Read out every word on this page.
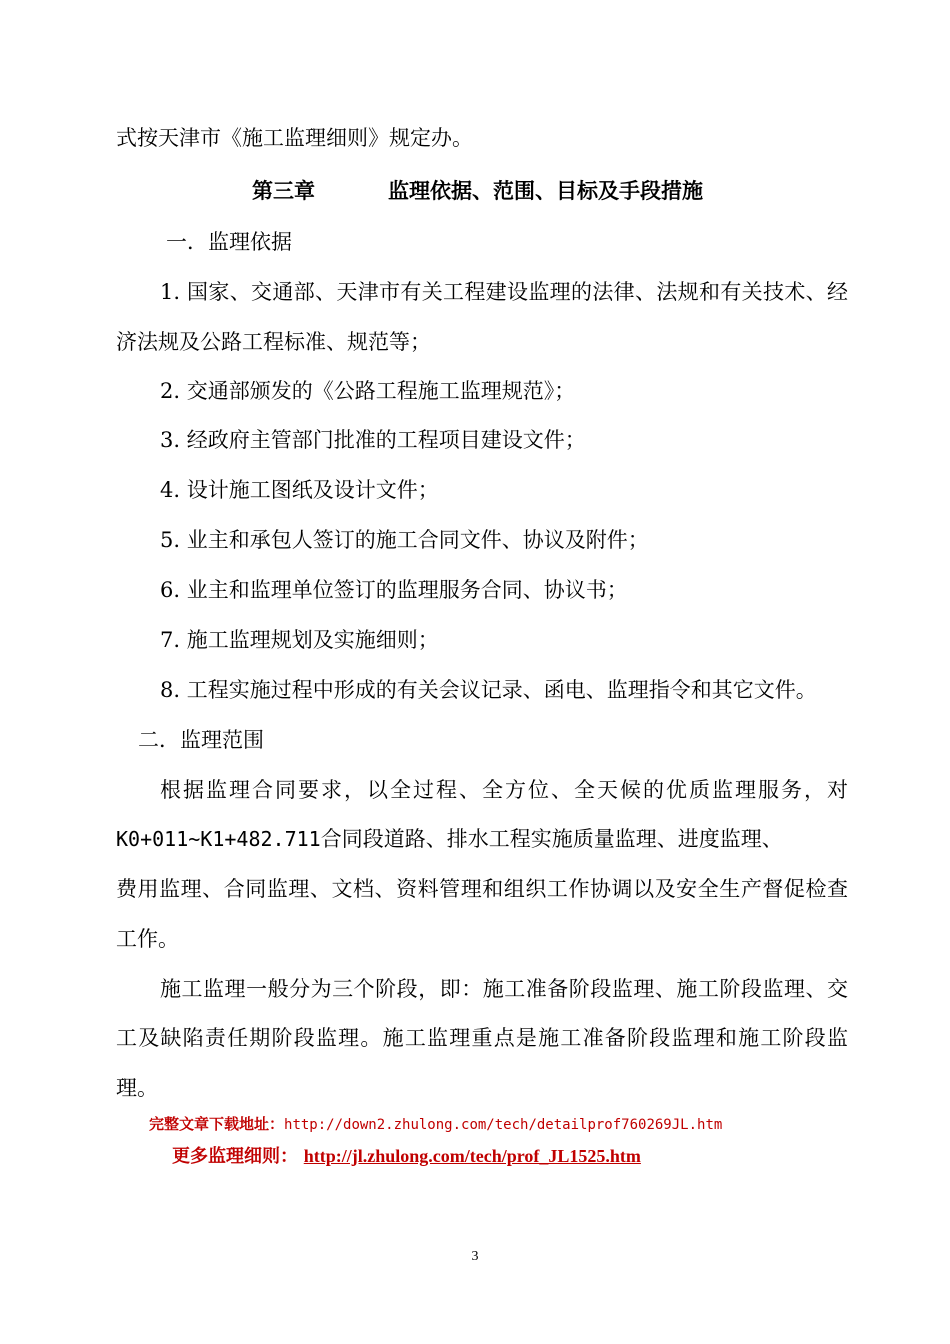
式按天津市《施工监理细则》规定办。
第三章	监理依据、范围、目标及手段措施
一．监理依据
1. 国家、交通部、天津市有关工程建设监理的法律、法规和有关技术、经
济法规及公路工程标准、规范等；
2. 交通部颁发的《公路工程施工监理规范》；
3. 经政府主管部门批准的工程项目建设文件；
4. 设计施工图纸及设计文件；
5. 业主和承包人签订的施工合同文件、协议及附件；
6. 业主和监理单位签订的监理服务合同、协议书；
7. 施工监理规划及实施细则；
8. 工程实施过程中形成的有关会议记录、函电、监理指令和其它文件。
二．监理范围
根据监理合同要求，以全过程、全方位、全天候的优质监理服务，对
K0+011~K1+482.711合同段道路、排水工程实施质量监理、进度监理、
费用监理、合同监理、文档、资料管理和组织工作协调以及安全生产督促检查
工作。
施工监理一般分为三个阶段，即：施工准备阶段监理、施工阶段监理、交
工及缺陷责任期阶段监理。施工监理重点是施工准备阶段监理和施工阶段监
理。
完整文章下载地址：http://down2.zhulong.com/tech/detailprof760269JL.htm
更多监理细则： http://jl.zhulong.com/tech/prof_JL1525.htm
3
